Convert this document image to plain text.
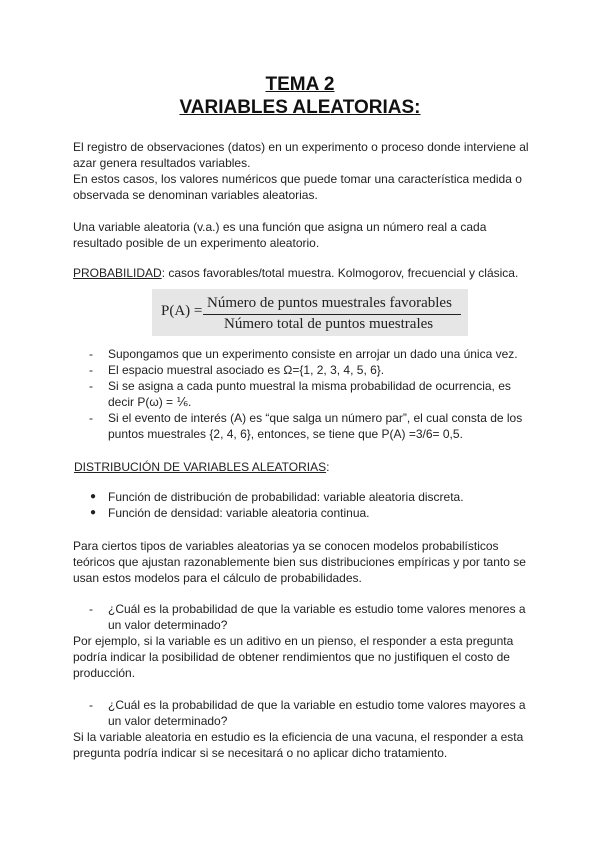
TEMA 2
VARIABLES ALEATORIAS:

El registro de observaciones (datos) en un experimento o proceso donde interviene al azar genera resultados variables.

En estos casos, los valores numéricos que puede tomar una característica medida o observada se denominan variables aleatorias.

Una variable aleatoria (v.a.) es una función que asigna un número real a cada resultado posible de un experimento aleatorio.

PROBABILIDAD: casos favorables/total muestra. Kolmogorov, frecuencial y clásica.

P(A) = Número de puntos muestrales favorables
Número total de puntos muestrales
- Supongamos que un experimento consiste en arrojar un dado una única vez.

- El espacio muestral asociado es Ω={1, 2, 3, 4, 5, 6}.

- Si se asigna a cada punto muestral la misma probabilidad de ocurrencia, es decir P(ω) = ⅙.

- Si el evento de interés (A) es “que salga un número par”, el cual consta de los puntos muestrales {2, 4, 6}, entonces, se tiene que P(A) =3/6= 0,5.

DISTRIBUCIÓN DE VARIABLES ALEATORIAS:

● Función de distribución de probabilidad: variable aleatoria discreta.

● Función de densidad: variable aleatoria continua.

Para ciertos tipos de variables aleatorias ya se conocen modelos probabilísticos teóricos que ajustan razonablemente bien sus distribuciones empíricas y por tanto se usan estos modelos para el cálculo de probabilidades.

- ¿Cuál es la probabilidad de que la variable es estudio tome valores menores a un valor determinado?

Por ejemplo, si la variable es un aditivo en un pienso, el responder a esta pregunta podría indicar la posibilidad de obtener rendimientos que no justifiquen el costo de producción.

- ¿Cuál es la probabilidad de que la variable en estudio tome valores mayores a un valor determinado?

Si la variable aleatoria en estudio es la eficiencia de una vacuna, el responder a esta pregunta podría indicar si se necesitará o no aplicar dicho tratamiento.
